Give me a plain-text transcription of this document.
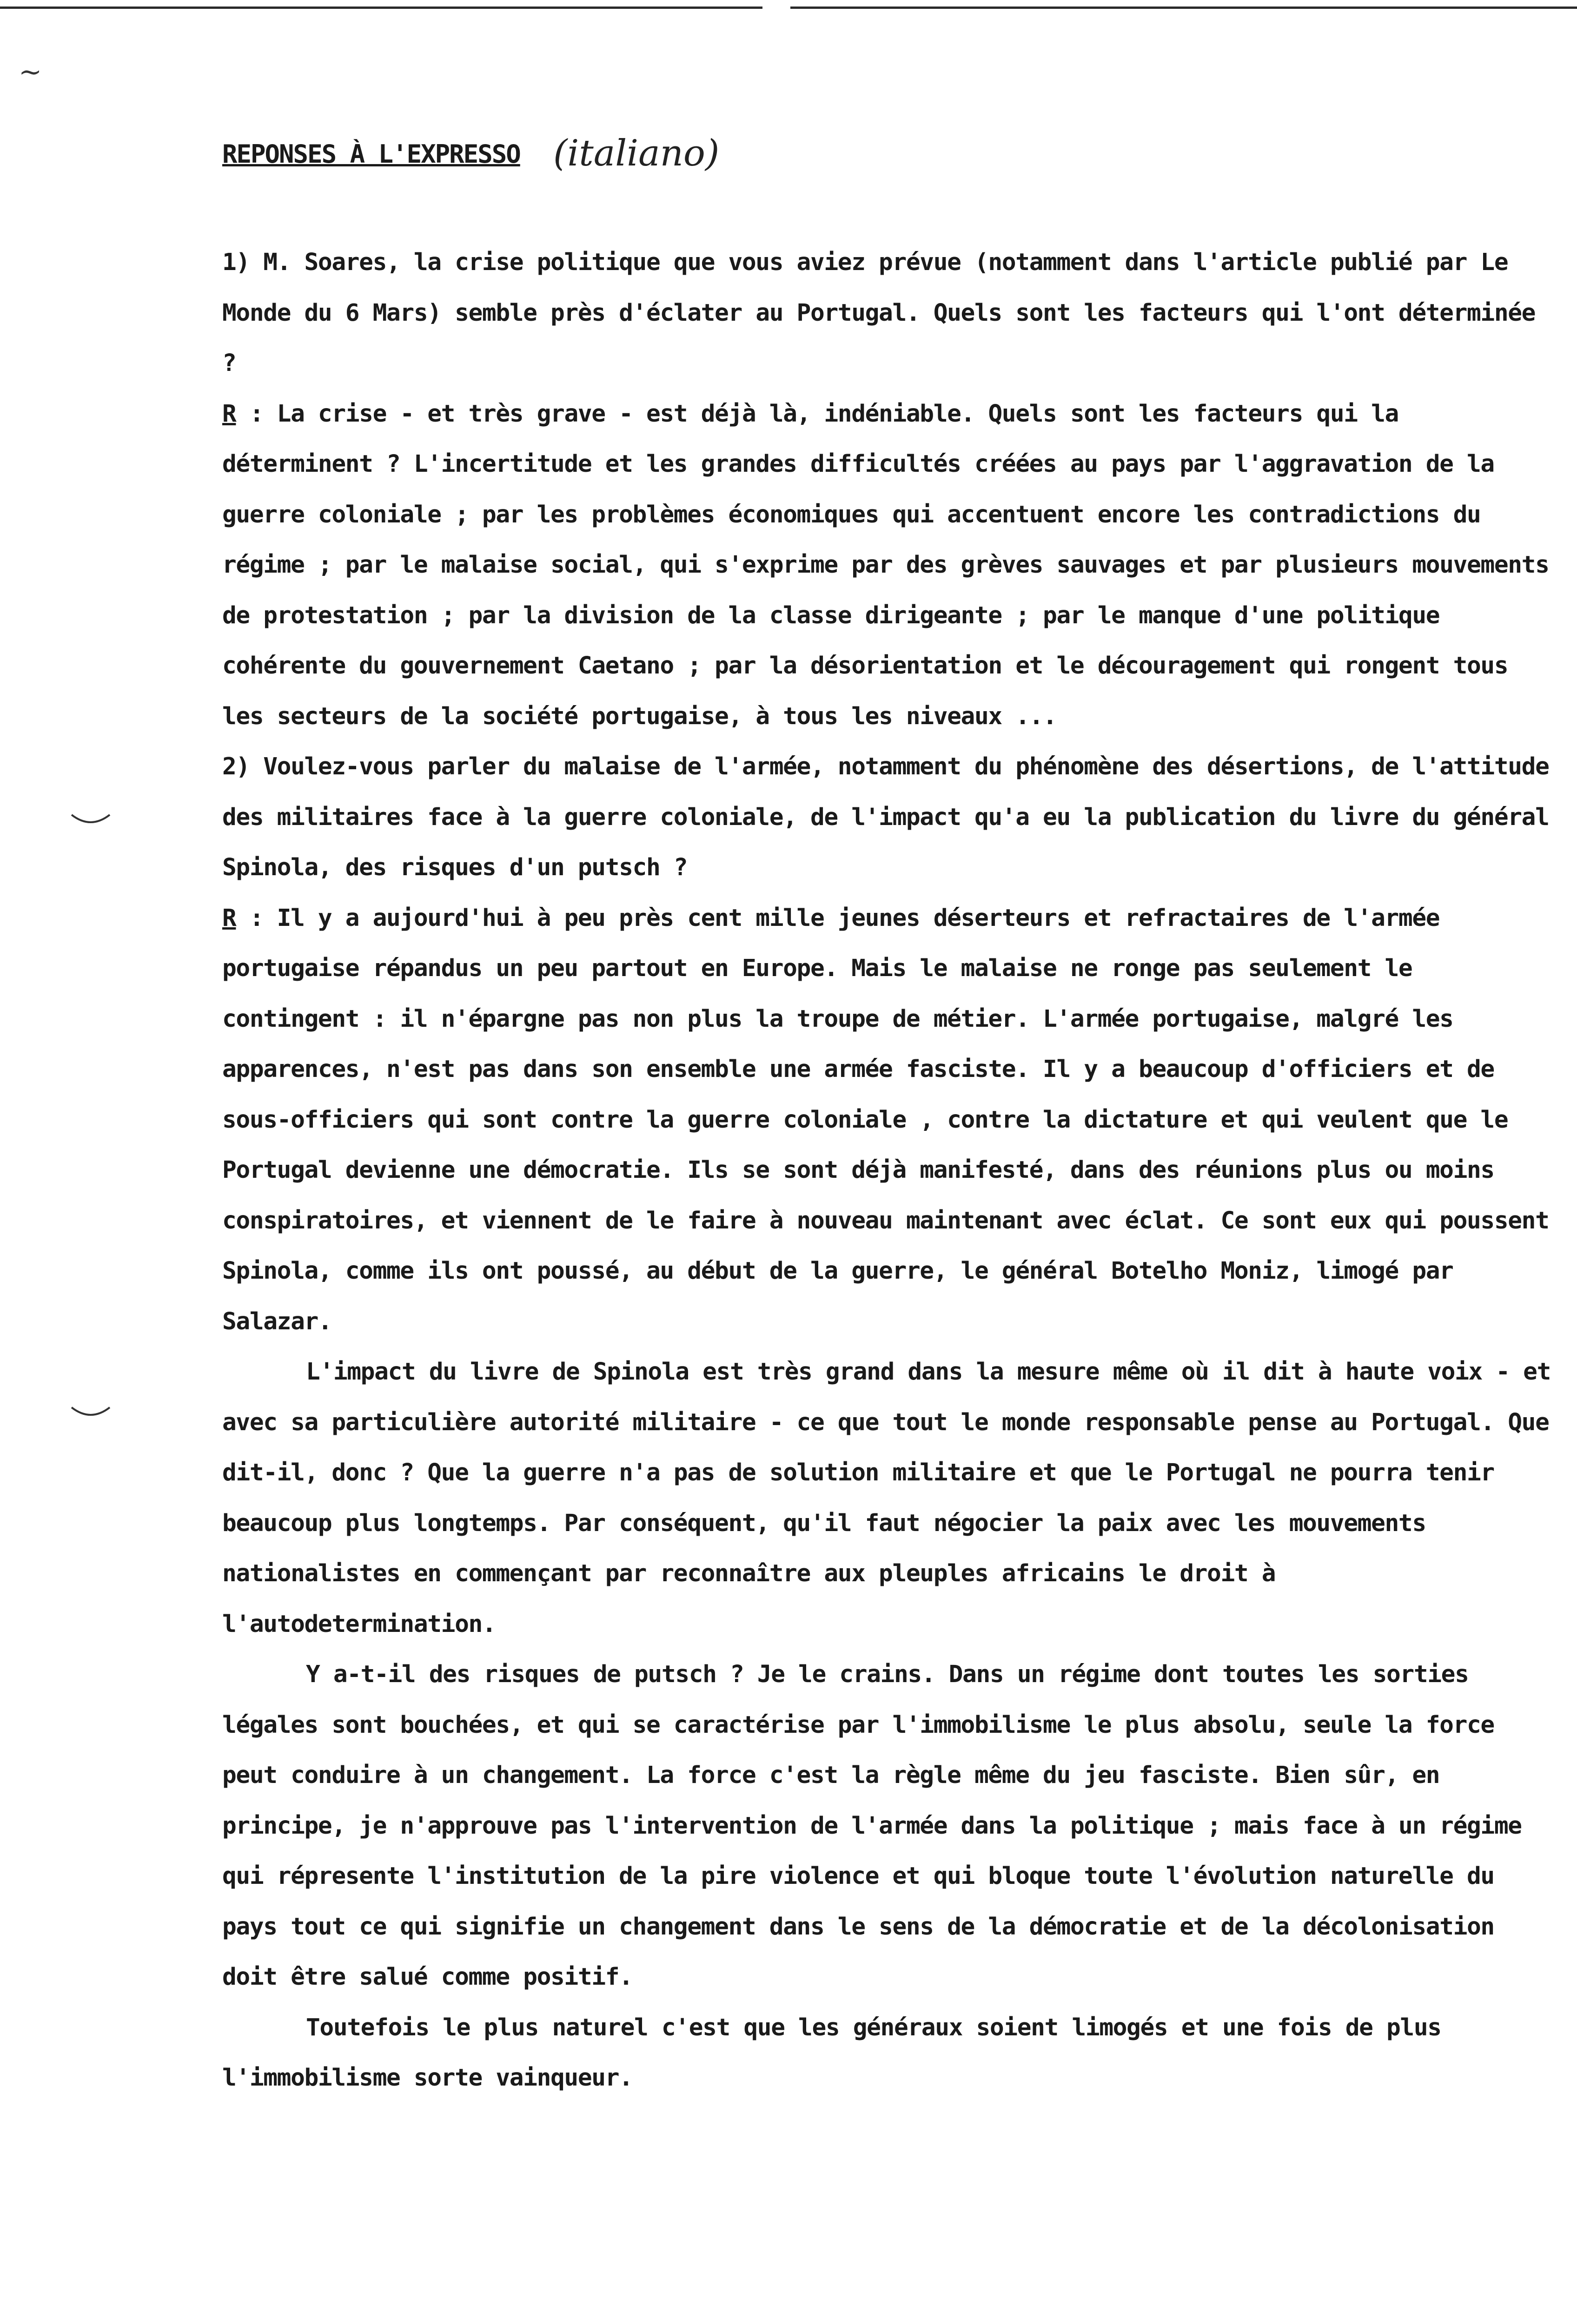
~
REPONSES À L'EXPRESSO (italiano)

1) M. Soares, la crise politique que vous aviez prévue (notamment dans l'article publié par Le Monde du 6 Mars) semble près d'éclater au Portugal. Quels sont les facteurs qui l'ont déterminée ?

R : La crise - et très grave - est déjà là, indéniable. Quels sont les facteurs qui la déterminent ? L'incertitude et les grandes difficultés créées au pays par l'aggravation de la guerre coloniale ; par les problèmes économiques qui accentuent encore les contradictions du régime ; par le malaise social, qui s'exprime par des grèves sauvages et par plusieurs mouvements de protestation ; par la division de la classe dirigeante ; par le manque d'une politique cohérente du gouvernement Caetano ; par la désorientation et le découragement qui rongent tous les secteurs de la société portugaise, à tous les niveaux ...

2) Voulez-vous parler du malaise de l'armée, notamment du phénomène des désertions, de l'attitude des militaires face à la guerre coloniale, de l'impact qu'a eu la publication du livre du général Spinola, des risques d'un putsch ?

R : Il y a aujourd'hui à peu près cent mille jeunes déserteurs et refractaires de l'armée portugaise répandus un peu partout en Europe. Mais le malaise ne ronge pas seulement le contingent : il n'épargne pas non plus la troupe de métier. L'armée portugaise, malgré les apparences, n'est pas dans son ensemble une armée fasciste. Il y a beaucoup d'officiers et de sous-officiers qui sont contre la guerre coloniale , contre la dictature et qui veulent que le Portugal devienne une démocratie. Ils se sont déjà manifesté, dans des réunions plus ou moins conspiratoires, et viennent de le faire à nouveau maintenant avec éclat. Ce sont eux qui poussent Spinola, comme ils ont poussé, au début de la guerre, le général Botelho Moniz, limogé par Salazar.

L'impact du livre de Spinola est très grand dans la mesure même où il dit à haute voix - et avec sa particulière autorité militaire - ce que tout le monde responsable pense au Portugal. Que dit-il, donc ? Que la guerre n'a pas de solution militaire et que le Portugal ne pourra tenir beaucoup plus longtemps. Par conséquent, qu'il faut négocier la paix avec les mouvements nationalistes en commençant par reconnaître aux pleuples africains le droit à l'autodetermination.

Y a-t-il des risques de putsch ? Je le crains. Dans un régime dont toutes les sorties légales sont bouchées, et qui se caractérise par l'immobilisme le plus absolu, seule la force peut conduire à un changement. La force c'est la règle même du jeu fasciste. Bien sûr, en principe, je n'approuve pas l'intervention de l'armée dans la politique ; mais face à un régime qui répresente l'institution de la pire violence et qui bloque toute l'évolution naturelle du pays tout ce qui signifie un changement dans le sens de la démocratie et de la décolonisation doit être salué comme positif.

Toutefois le plus naturel c'est que les généraux soient limogés et une fois de plus l'immobilisme sorte vainqueur.
